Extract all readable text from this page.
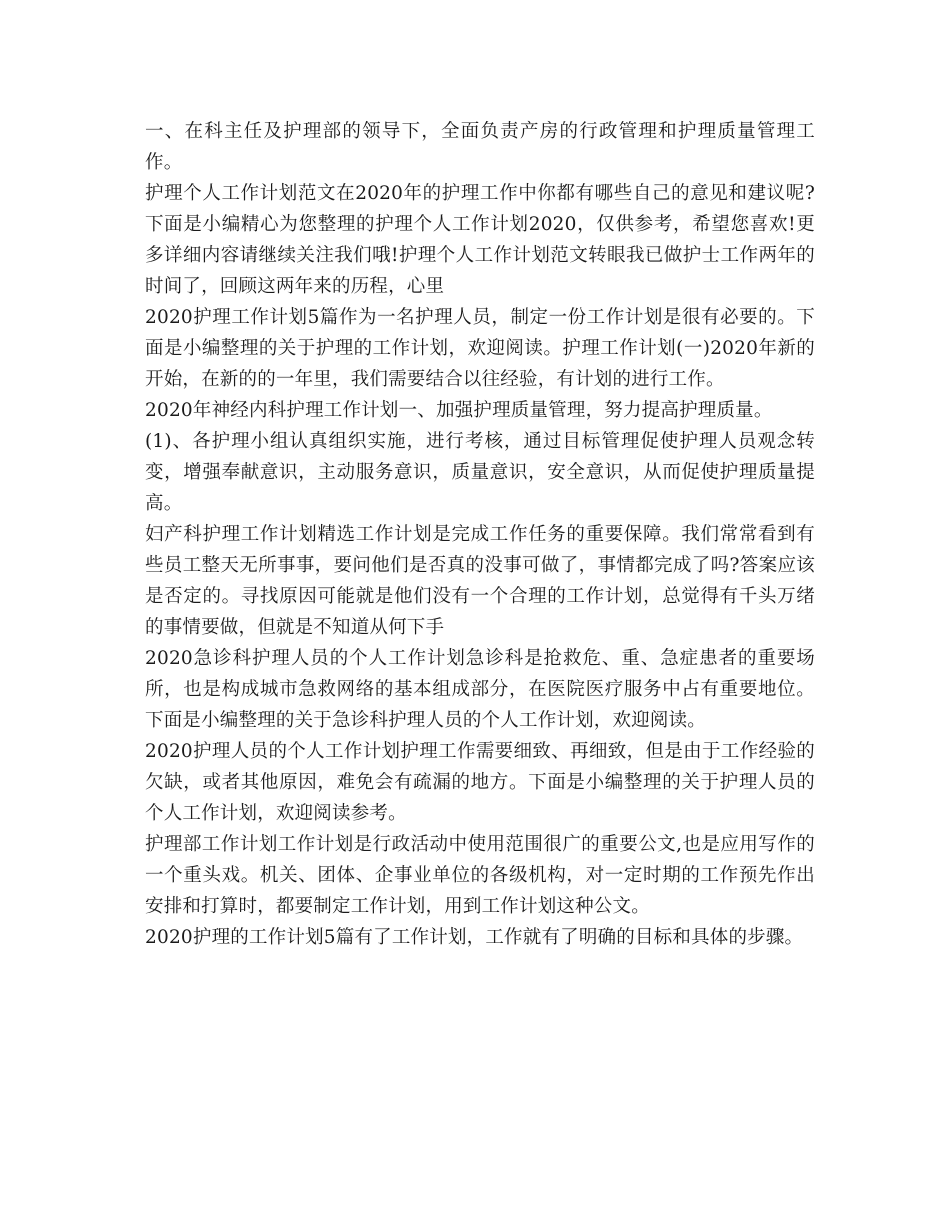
一、在科主任及护理部的领导下，全面负责产房的行政管理和护理质量管理工作。

护理个人工作计划范文在2020年的护理工作中你都有哪些自己的意见和建议呢?下面是小编精心为您整理的护理个人工作计划2020，仅供参考，希望您喜欢!更多详细内容请继续关注我们哦!护理个人工作计划范文转眼我已做护士工作两年的时间了，回顾这两年来的历程，心里

2020护理工作计划5篇作为一名护理人员，制定一份工作计划是很有必要的。下面是小编整理的关于护理的工作计划，欢迎阅读。护理工作计划(一)2020年新的开始，在新的的一年里，我们需要结合以往经验，有计划的进行工作。

2020年神经内科护理工作计划一、加强护理质量管理，努力提高护理质量。

(1)、各护理小组认真组织实施，进行考核，通过目标管理促使护理人员观念转变，增强奉献意识，主动服务意识，质量意识，安全意识，从而促使护理质量提高。

妇产科护理工作计划精选工作计划是完成工作任务的重要保障。我们常常看到有些员工整天无所事事，要问他们是否真的没事可做了，事情都完成了吗?答案应该是否定的。寻找原因可能就是他们没有一个合理的工作计划，总觉得有千头万绪的事情要做，但就是不知道从何下手

2020急诊科护理人员的个人工作计划急诊科是抢救危、重、急症患者的重要场所，也是构成城市急救网络的基本组成部分，在医院医疗服务中占有重要地位。下面是小编整理的关于急诊科护理人员的个人工作计划，欢迎阅读。

2020护理人员的个人工作计划护理工作需要细致、再细致，但是由于工作经验的欠缺，或者其他原因，难免会有疏漏的地方。下面是小编整理的关于护理人员的个人工作计划，欢迎阅读参考。

护理部工作计划工作计划是行政活动中使用范围很广的重要公文,也是应用写作的一个重头戏。机关、团体、企事业单位的各级机构，对一定时期的工作预先作出安排和打算时，都要制定工作计划，用到工作计划这种公文。

2020护理的工作计划5篇有了工作计划，工作就有了明确的目标和具体的步骤。
